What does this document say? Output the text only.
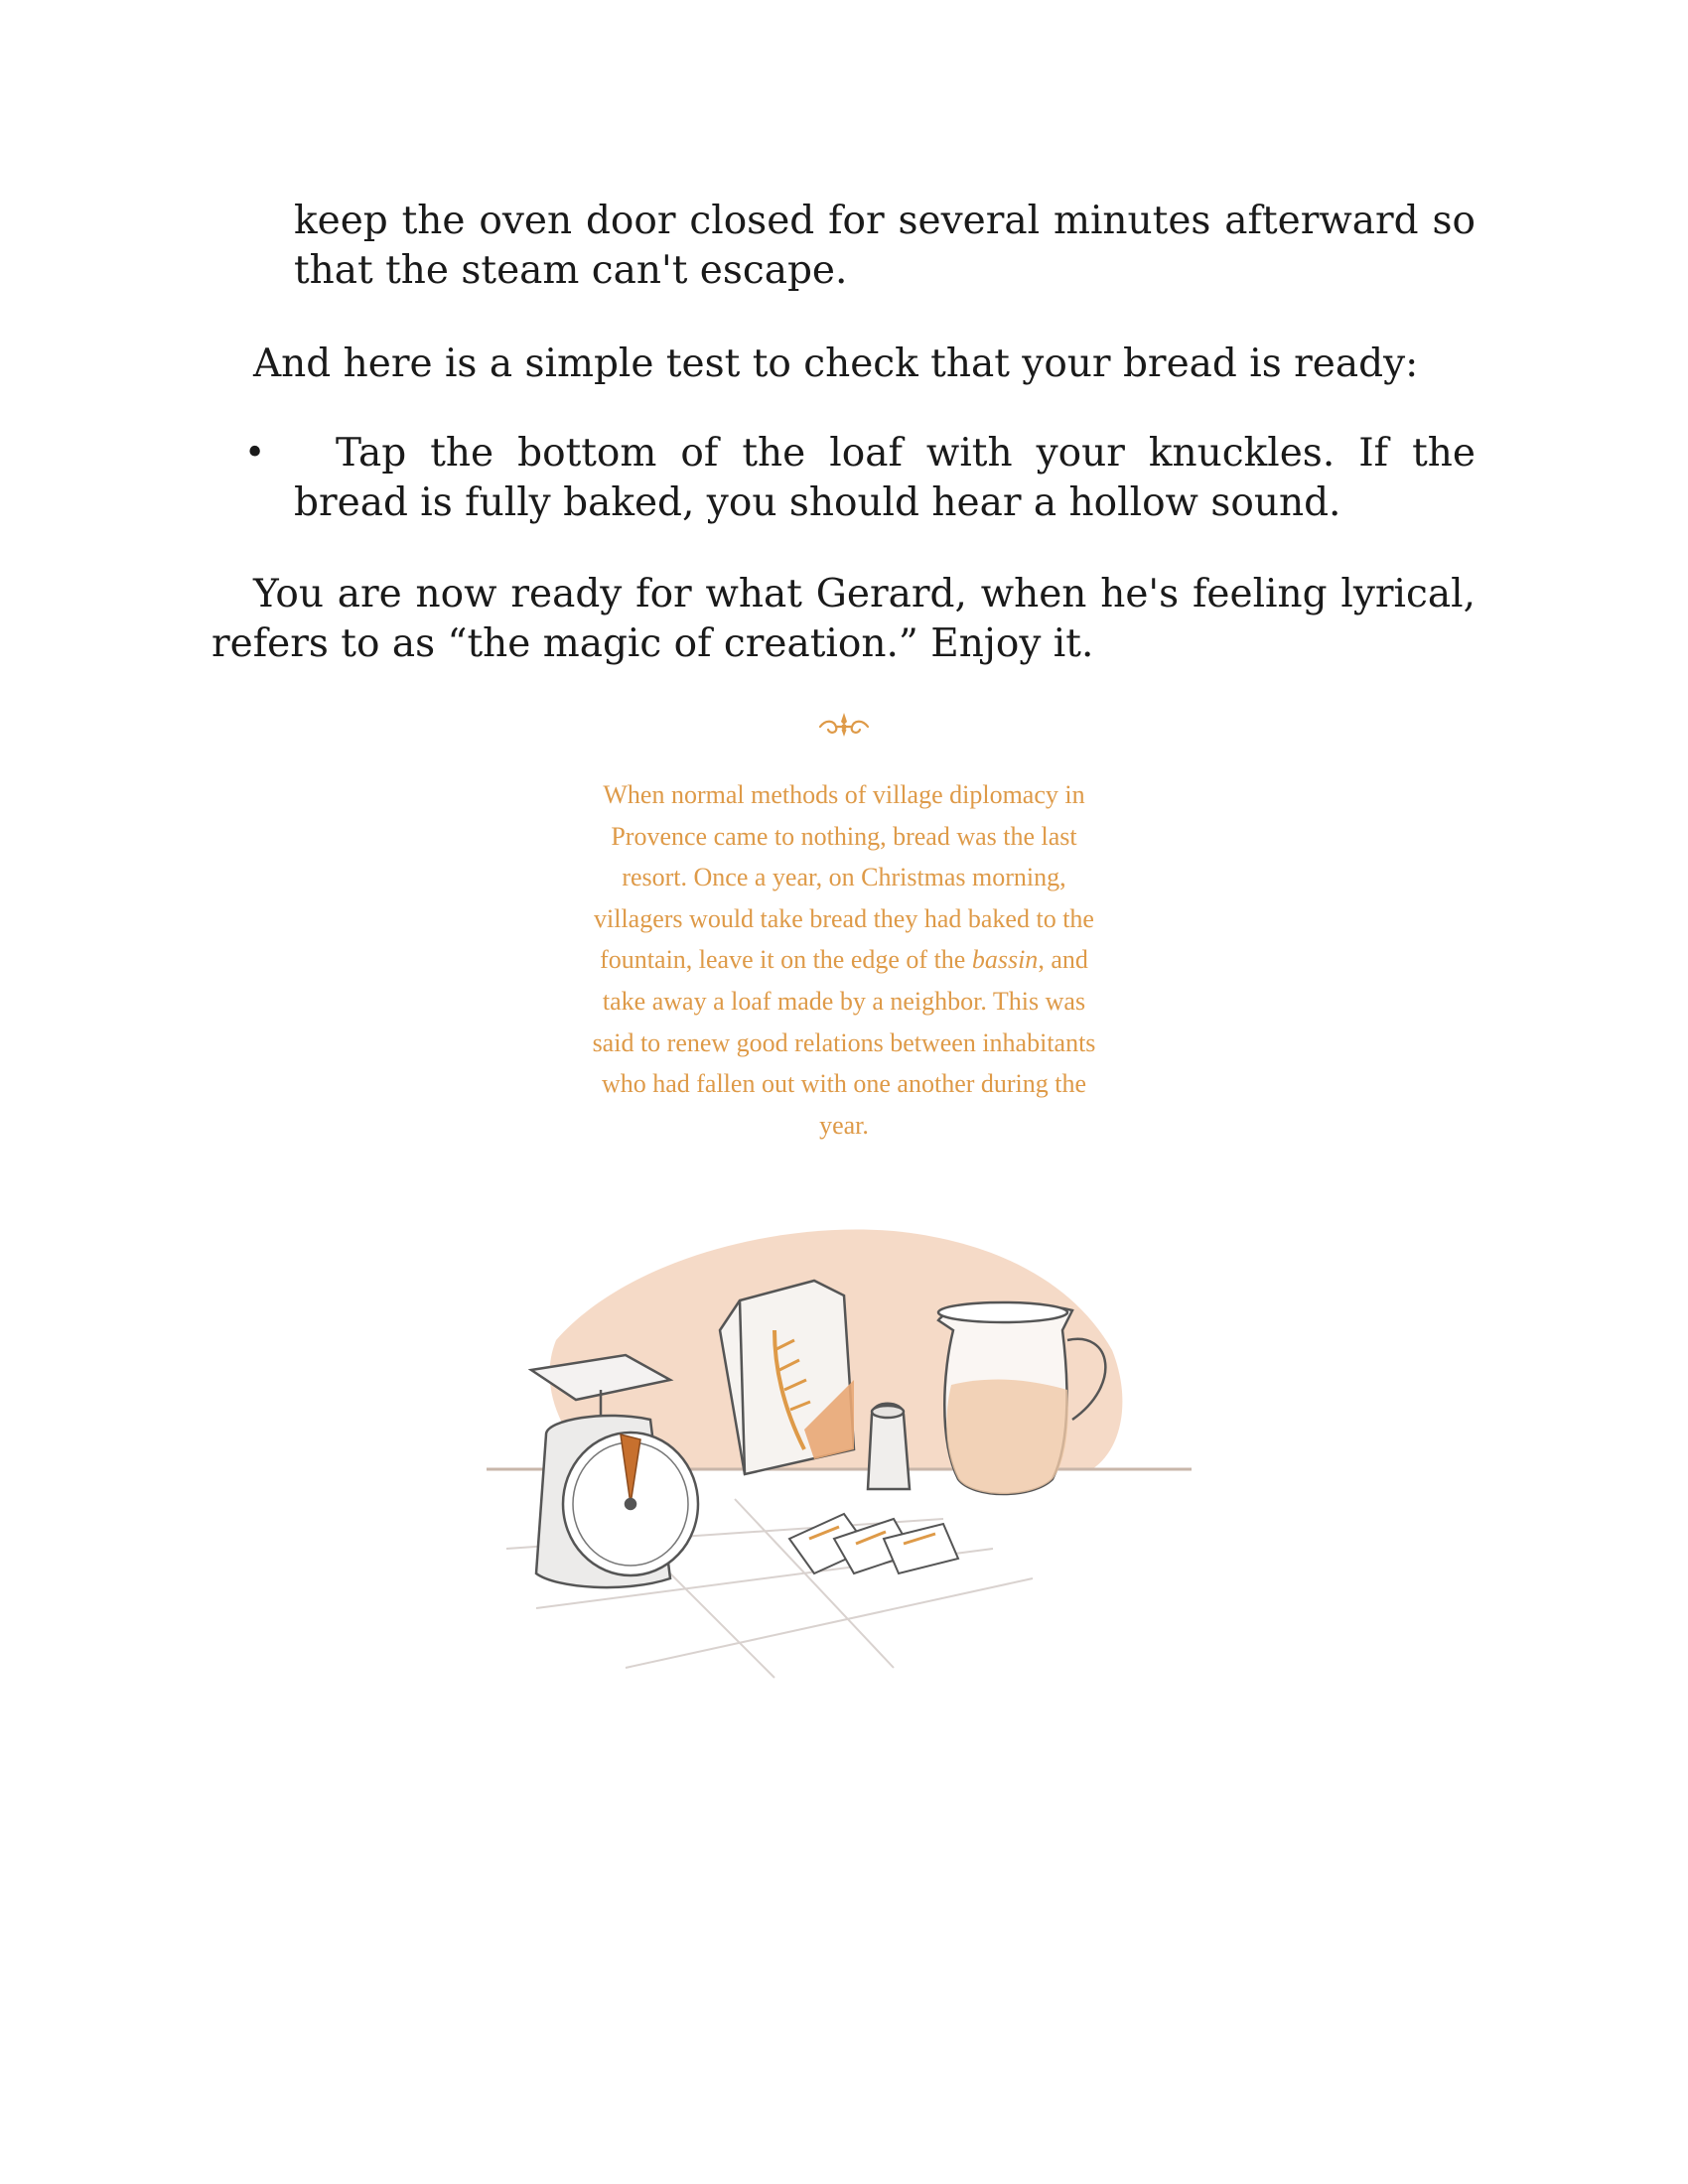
keep the oven door closed for several minutes afterward so that the steam can't escape.
And here is a simple test to check that your bread is ready:
• Tap the bottom of the loaf with your knuckles. If the bread is fully baked, you should hear a hollow sound.
You are now ready for what Gerard, when he's feeling lyrical, refers to as “the magic of creation.” Enjoy it.
When normal methods of village diplomacy in Provence came to nothing, bread was the last resort. Once a year, on Christmas morning, villagers would take bread they had baked to the fountain, leave it on the edge of the bassin, and take away a loaf made by a neighbor. This was said to renew good relations between inhabitants who had fallen out with one another during the year.
